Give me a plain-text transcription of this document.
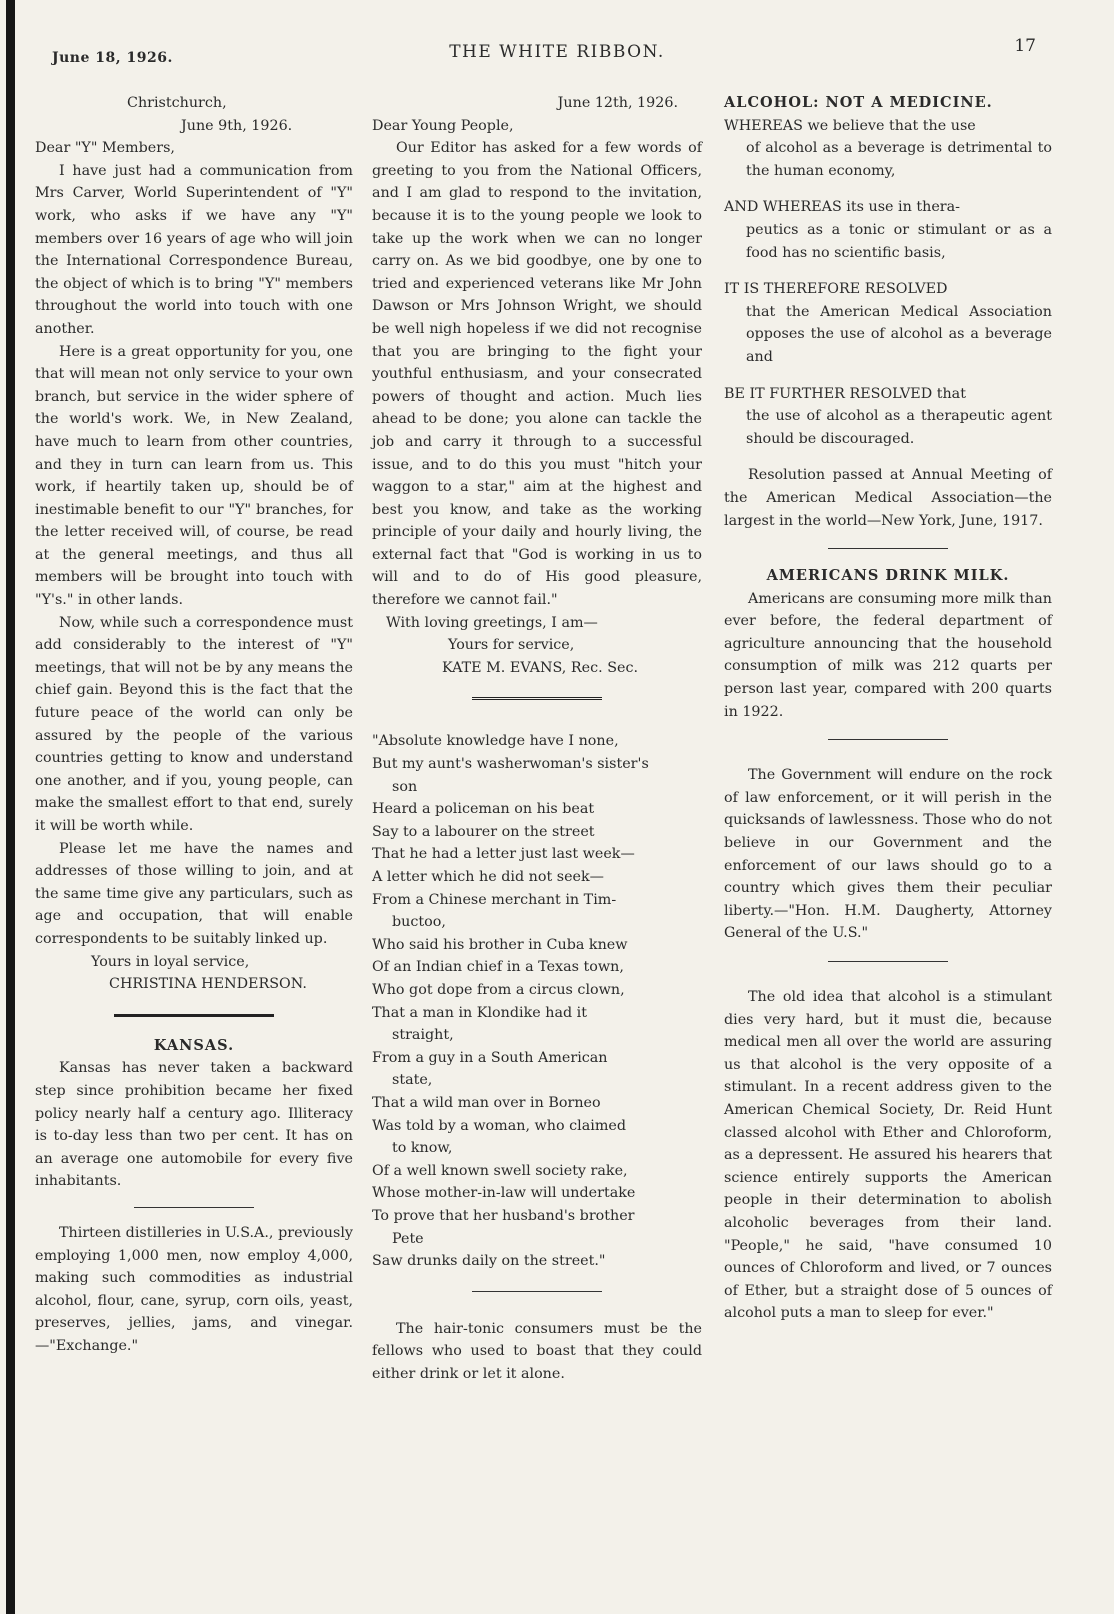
June 18, 1926.	THE WHITE RIBBON.	17

Christchurch,

June 9th, 1926.

Dear "Y" Members,

I have just had a communication from Mrs Carver, World Superintendent of "Y" work, who asks if we have any "Y" members over 16 years of age who will join the International Correspondence Bureau, the object of which is to bring "Y" members throughout the world into touch with one another.

Here is a great opportunity for you, one that will mean not only service to your own branch, but service in the wider sphere of the world's work. We, in New Zealand, have much to learn from other countries, and they in turn can learn from us. This work, if heartily taken up, should be of inestimable benefit to our "Y" branches, for the letter received will, of course, be read at the general meetings, and thus all members will be brought into touch with "Y's." in other lands.

Now, while such a correspondence must add considerably to the interest of "Y" meetings, that will not be by any means the chief gain. Beyond this is the fact that the future peace of the world can only be assured by the people of the various countries getting to know and understand one another, and if you, young people, can make the smallest effort to that end, surely it will be worth while.

Please let me have the names and addresses of those willing to join, and at the same time give any particulars, such as age and occupation, that will enable correspondents to be suitably linked up.

Yours in loyal service,

CHRISTINA HENDERSON.

KANSAS.

Kansas has never taken a backward step since prohibition became her fixed policy nearly half a century ago. Illiteracy is to-day less than two per cent. It has on an average one automobile for every five inhabitants.

Thirteen distilleries in U.S.A., previously employing 1,000 men, now employ 4,000, making such commodities as industrial alcohol, flour, cane, syrup, corn oils, yeast, preserves, jellies, jams, and vinegar.—"Exchange."

June 12th, 1926.

Dear Young People,

Our Editor has asked for a few words of greeting to you from the National Officers, and I am glad to respond to the invitation, because it is to the young people we look to take up the work when we can no longer carry on. As we bid goodbye, one by one to tried and experienced veterans like Mr John Dawson or Mrs Johnson Wright, we should be well nigh hopeless if we did not recognise that you are bringing to the fight your youthful enthusiasm, and your consecrated powers of thought and action. Much lies ahead to be done; you alone can tackle the job and carry it through to a successful issue, and to do this you must "hitch your waggon to a star," aim at the highest and best you know, and take as the working principle of your daily and hourly living, the external fact that "God is working in us to will and to do of His good pleasure, therefore we cannot fail."

With loving greetings, I am—

Yours for service,

KATE M. EVANS, Rec. Sec.

"Absolute knowledge have I none,

But my aunt's washerwoman's sister's

son

Heard a policeman on his beat

Say to a labourer on the street

That he had a letter just last week—

A letter which he did not seek—

From a Chinese merchant in Tim-

buctoo,

Who said his brother in Cuba knew

Of an Indian chief in a Texas town,

Who got dope from a circus clown,

That a man in Klondike had it

straight,

From a guy in a South American

state,

That a wild man over in Borneo

Was told by a woman, who claimed

to know,

Of a well known swell society rake,

Whose mother-in-law will undertake

To prove that her husband's brother

Pete

Saw drunks daily on the street."

The hair-tonic consumers must be the fellows who used to boast that they could either drink or let it alone.

ALCOHOL: NOT A MEDICINE.

WHEREAS we believe that the use

of alcohol as a beverage is detrimental to the human economy,

AND WHEREAS its use in thera-

peutics as a tonic or stimulant or as a food has no scientific basis,

IT IS THEREFORE RESOLVED

that the American Medical Association opposes the use of alcohol as a beverage and

BE IT FURTHER RESOLVED that

the use of alcohol as a therapeutic agent should be discouraged.

Resolution passed at Annual Meeting of the American Medical Association—the largest in the world—New York, June, 1917.

AMERICANS DRINK MILK.

Americans are consuming more milk than ever before, the federal department of agriculture announcing that the household consumption of milk was 212 quarts per person last year, compared with 200 quarts in 1922.

The Government will endure on the rock of law enforcement, or it will perish in the quicksands of lawlessness. Those who do not believe in our Government and the enforcement of our laws should go to a country which gives them their peculiar liberty.—"Hon. H.M. Daugherty, Attorney General of the U.S."

The old idea that alcohol is a stimulant dies very hard, but it must die, because medical men all over the world are assuring us that alcohol is the very opposite of a stimulant. In a recent address given to the American Chemical Society, Dr. Reid Hunt classed alcohol with Ether and Chloroform, as a depressent. He assured his hearers that science entirely supports the American people in their determination to abolish alcoholic beverages from their land. "People," he said, "have consumed 10 ounces of Chloroform and lived, or 7 ounces of Ether, but a straight dose of 5 ounces of alcohol puts a man to sleep for ever."
